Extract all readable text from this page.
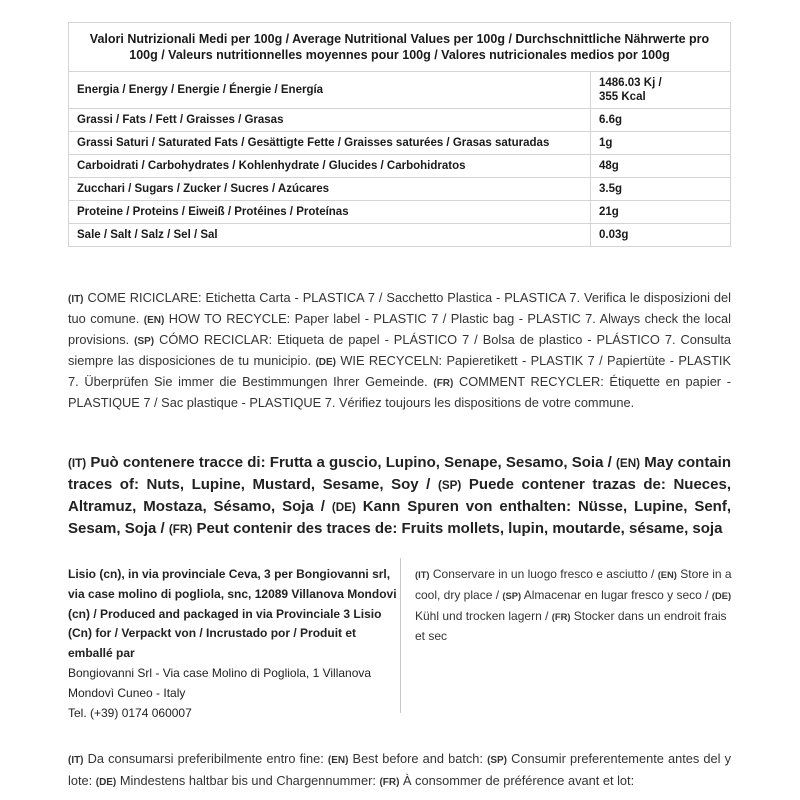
Valori Nutrizionali Medi per 100g / Average Nutritional Values per 100g / Durchschnittliche Nährwerte pro 100g / Valeurs nutritionnelles moyennes pour 100g / Valores nutricionales medios por 100g	
Energia / Energy / Energie / Énergie / Energía	1486.03 Kj /
355 Kcal
Grassi / Fats / Fett / Graisses / Grasas	6.6g
Grassi Saturi / Saturated Fats / Gesättigte Fette / Graisses saturées / Grasas saturadas	1g
Carboidrati / Carbohydrates / Kohlenhydrate / Glucides / Carbohidratos	48g
Zucchari / Sugars / Zucker / Sucres / Azúcares	3.5g
Proteine / Proteins / Eiweiß / Protéines / Proteínas	21g
Sale / Salt / Salz / Sel / Sal	0.03g
(IT) COME RICICLARE: Etichetta Carta - PLASTICA 7 / Sacchetto Plastica - PLASTICA 7. Verifica le disposizioni del tuo comune. (EN) HOW TO RECYCLE: Paper label - PLASTIC 7 / Plastic bag - PLASTIC 7. Always check the local provisions. (SP) CÓMO RECICLAR: Etiqueta de papel - PLÁSTICO 7 / Bolsa de plastico - PLÁSTICO 7. Consulta siempre las disposiciones de tu municipio. (DE) WIE RECYCELN: Papieretikett - PLASTIK 7 / Papiertüte - PLASTIK 7. Überprüfen Sie immer die Bestimmungen Ihrer Gemeinde. (FR) COMMENT RECYCLER: Étiquette en papier - PLASTIQUE 7 / Sac plastique - PLASTIQUE 7. Vérifiez toujours les dispositions de votre commune.
(IT) Può contenere tracce di: Frutta a guscio, Lupino, Senape, Sesamo, Soia / (EN) May contain traces of: Nuts, Lupine, Mustard, Sesame, Soy / (SP) Puede contener trazas de: Nueces, Altramuz, Mostaza, Sésamo, Soja / (DE) Kann Spuren von enthalten: Nüsse, Lupine, Senf, Sesam, Soja / (FR) Peut contenir des traces de: Fruits mollets, lupin, moutarde, sésame, soja
Lisio (cn), in via provinciale Ceva, 3 per Bongiovanni srl, via case molino di pogliola, snc, 12089 Villanova Mondovi (cn) / Produced and packaged in via Provinciale 3 Lisio (Cn) for / Verpackt von / Incrustado por / Produit et emballé par
Bongiovanni Srl - Via case Molino di Pogliola, 1 Villanova
Mondovì Cuneo - Italy
Tel. (+39) 0174 060007
(IT) Conservare in un luogo fresco e asciutto / (EN) Store in a cool, dry place / (SP) Almacenar en lugar fresco y seco / (DE) Kühl und trocken lagern / (FR) Stocker dans un endroit frais et sec
(IT) Da consumarsi preferibilmente entro fine: (EN) Best before and batch: (SP) Consumir preferentemente antes del y lote: (DE) Mindestens haltbar bis und Chargennummer: (FR) À consommer de préférence avant et lot:
